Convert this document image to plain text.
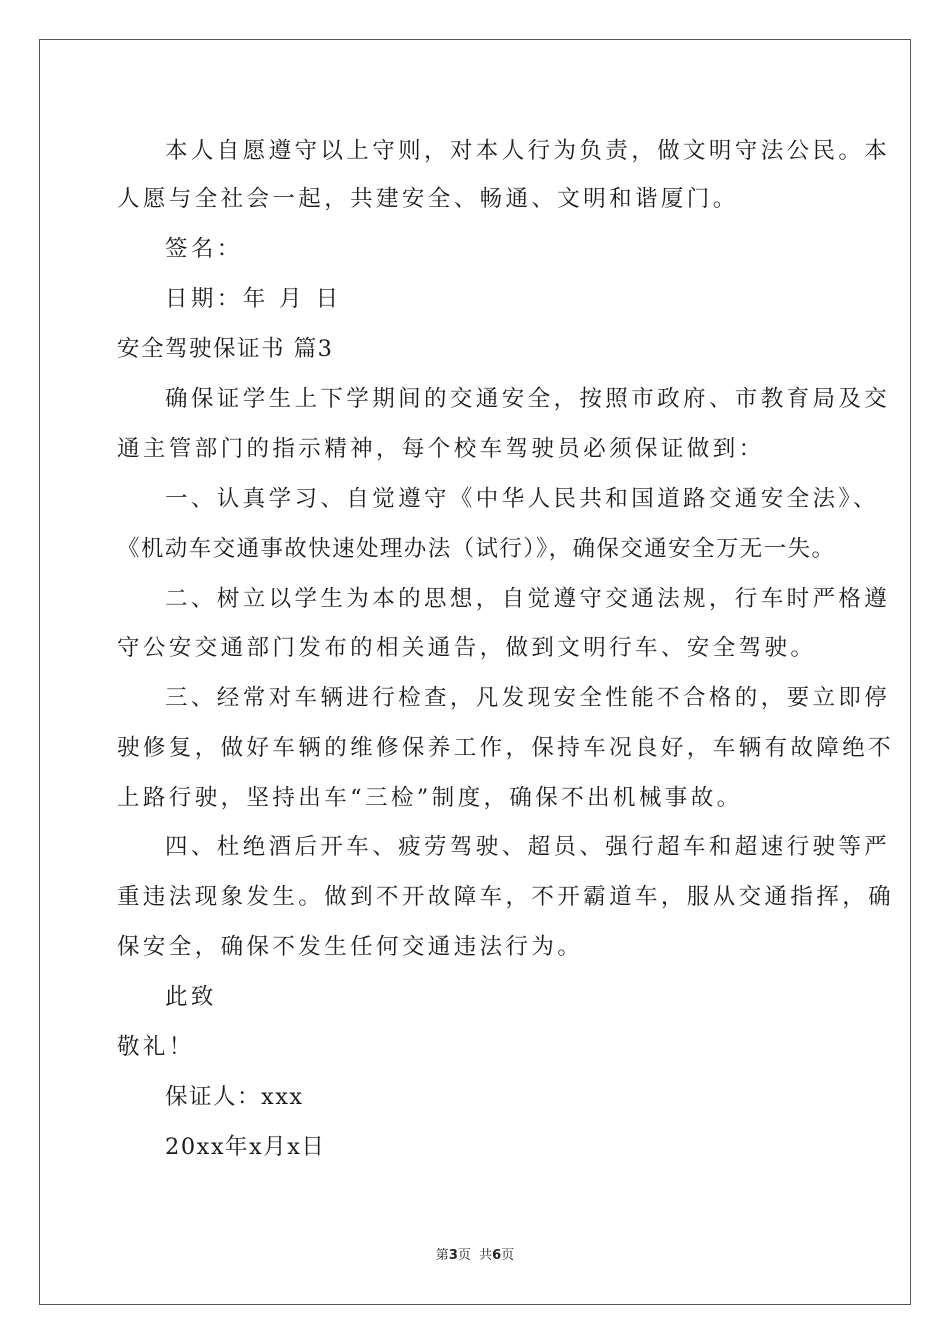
本人自愿遵守以上守则，对本人行为负责，做文明守法公民。本
人愿与全社会一起，共建安全、畅通、文明和谐厦门。
签名：
日期：年 月 日
安全驾驶保证书 篇3
确保证学生上下学期间的交通安全，按照市政府、市教育局及交
通主管部门的指示精神，每个校车驾驶员必须保证做到：
一、认真学习、自觉遵守《中华人民共和国道路交通安全法》、
《机动车交通事故快速处理办法（试行）》，确保交通安全万无一失。
二、树立以学生为本的思想，自觉遵守交通法规，行车时严格遵
守公安交通部门发布的相关通告，做到文明行车、安全驾驶。
三、经常对车辆进行检查，凡发现安全性能不合格的，要立即停
驶修复，做好车辆的维修保养工作，保持车况良好，车辆有故障绝不
上路行驶，坚持出车“三检”制度，确保不出机械事故。
四、杜绝酒后开车、疲劳驾驶、超员、强行超车和超速行驶等严
重违法现象发生。做到不开故障车，不开霸道车，服从交通指挥，确
保安全，确保不发生任何交通违法行为。
此致
敬礼！
保证人：xxx
20xx年x月x日
第3页  共6页
